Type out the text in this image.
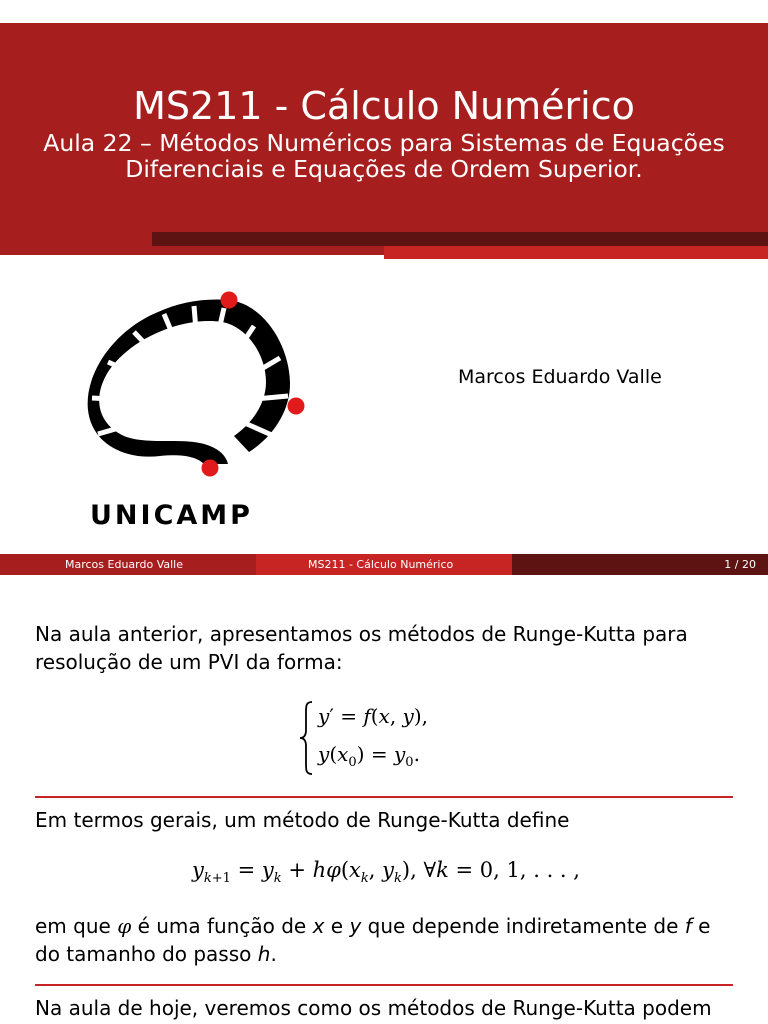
MS211 - Cálculo Numérico
Aula 22 – Métodos Numéricos para Sistemas de Equações
Diferenciais e Equações de Ordem Superior.
UNICAMP
Marcos Eduardo Valle
Marcos Eduardo Valle	MS211 - Cálculo Numérico	1 / 20
Na aula anterior, apresentamos os métodos de Runge-Kutta para
resolução de um PVI da forma:
y′ = f(x, y),
$y(x_0) = y_0$.
Em termos gerais, um método de Runge-Kutta define
$y_{k+1} = y_k + h\varphi(x_k$, $y_k$), ∀k = 0, 1, . . . ,
em que φ é uma função de x e y que depende indiretamente de f e
do tamanho do passo h.
Na aula de hoje, veremos como os métodos de Runge-Kutta podem
